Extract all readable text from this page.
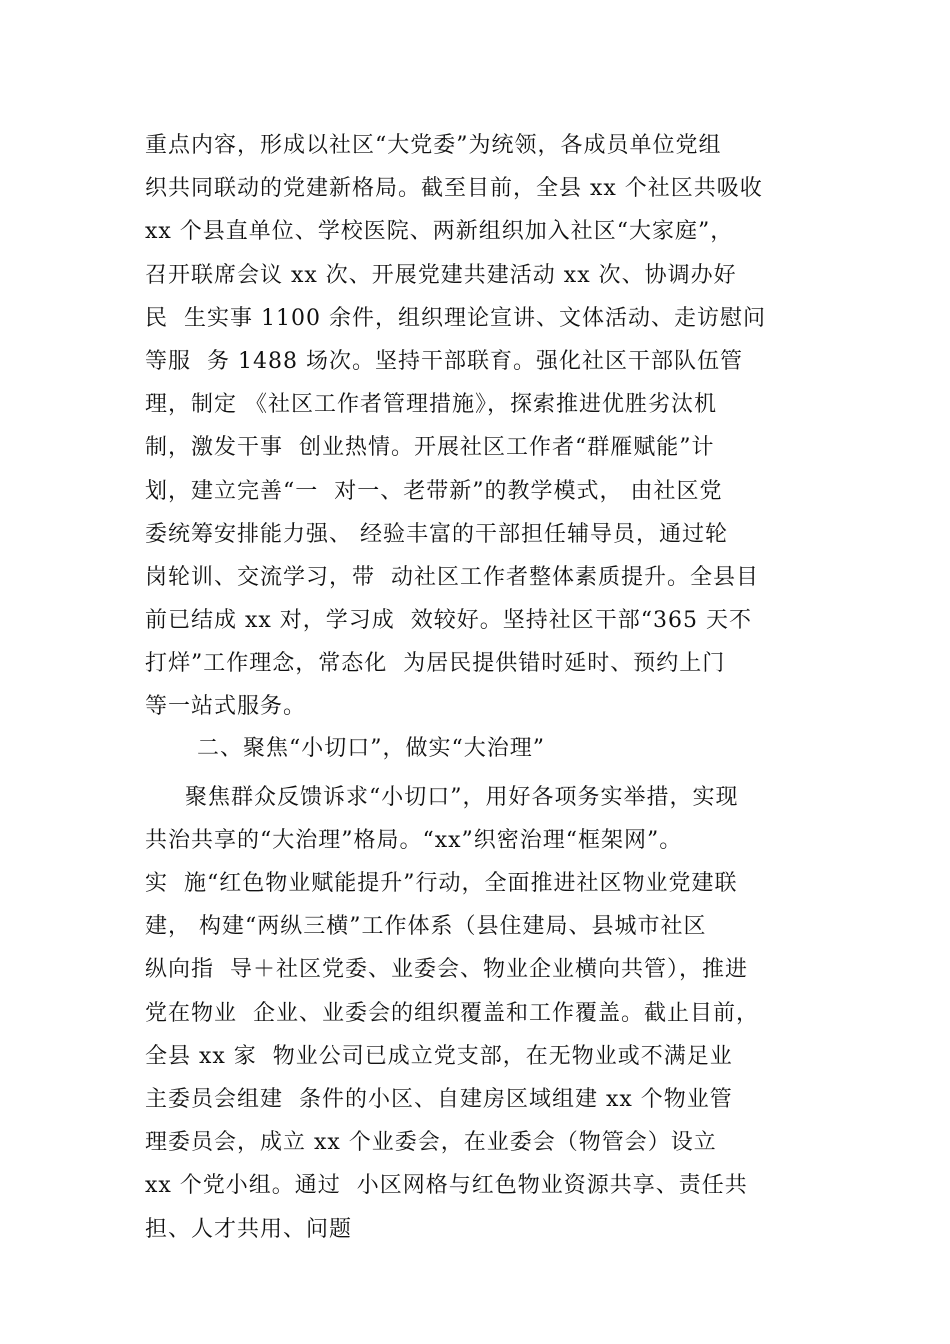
重点内容，形成以社区“大党委”为统领，各成员单位党组
织共同联动的党建新格局。截至目前，全县 xx 个社区共吸收
xx 个县直单位、学校医院、两新组织加入社区“大家庭”，
召开联席会议 xx 次、开展党建共建活动 xx 次、协调办好
民  生实事 1100 余件，组织理论宣讲、文体活动、走访慰问
等服  务 1488 场次。坚持干部联育。强化社区干部队伍管
理，制定 《社区工作者管理措施》，探索推进优胜劣汰机
制，激发干事  创业热情。开展社区工作者“群雁赋能”计
划，建立完善“一  对一、老带新”的教学模式， 由社区党
委统筹安排能力强、 经验丰富的干部担任辅导员，通过轮
岗轮训、交流学习，带  动社区工作者整体素质提升。全县目
前已结成 xx 对，学习成  效较好。坚持社区干部“365 天不
打烊”工作理念，常态化  为居民提供错时延时、预约上门
等一站式服务。
二、聚焦“小切口”，做实“大治理”
聚焦群众反馈诉求“小切口”，用好各项务实举措，实现
共治共享的“大治理”格局。“xx”织密治理“框架网”。
实  施“红色物业赋能提升”行动，全面推进社区物业党建联
建， 构建“两纵三横”工作体系（县住建局、县城市社区
纵向指  导＋社区党委、业委会、物业企业横向共管），推进
党在物业  企业、业委会的组织覆盖和工作覆盖。截止目前，
全县 xx 家  物业公司已成立党支部，在无物业或不满足业
主委员会组建  条件的小区、自建房区域组建 xx 个物业管
理委员会，成立 xx 个业委会，在业委会（物管会）设立
xx 个党小组。通过  小区网格与红色物业资源共享、责任共
担、人才共用、问题
